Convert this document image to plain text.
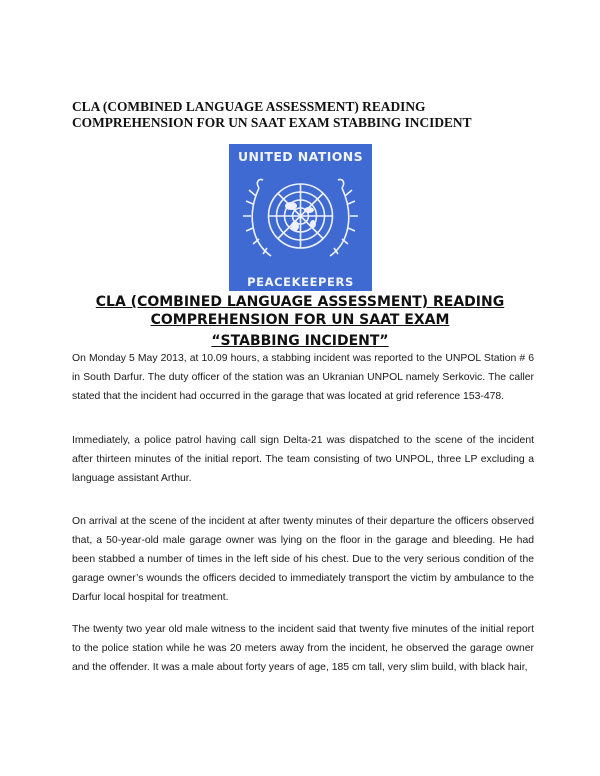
CLA (COMBINED LANGUAGE ASSESSMENT) READING COMPREHENSION FOR UN SAAT EXAM STABBING INCIDENT

UNITED NATIONS
PEACEKEEPERS

CLA (COMBINED LANGUAGE ASSESSMENT) READING

COMPREHENSION FOR UN SAAT EXAM

“STABBING INCIDENT”

On Monday 5 May 2013, at 10.09 hours, a stabbing incident was reported to the UNPOL Station # 6 in South Darfur. The duty officer of the station was an Ukranian UNPOL namely Serkovic. The caller stated that the incident had occurred in the garage that was located at grid reference 153-478.

Immediately, a police patrol having call sign Delta-21 was dispatched to the scene of the incident after thirteen minutes of the initial report. The team consisting of two UNPOL, three LP excluding a language assistant Arthur.

On arrival at the scene of the incident at after twenty minutes of their departure the officers observed that, a 50-year-old male garage owner was lying on the floor in the garage and bleeding. He had been stabbed a number of times in the left side of his chest. Due to the very serious condition of the garage owner’s wounds the officers decided to immediately transport the victim by ambulance to the Darfur local hospital for treatment.

The twenty two year old male witness to the incident said that twenty five minutes of the initial report to the police station while he was 20 meters away from the incident, he observed the garage owner and the offender. It was a male about forty years of age, 185 cm tall, very slim build, with black hair,
